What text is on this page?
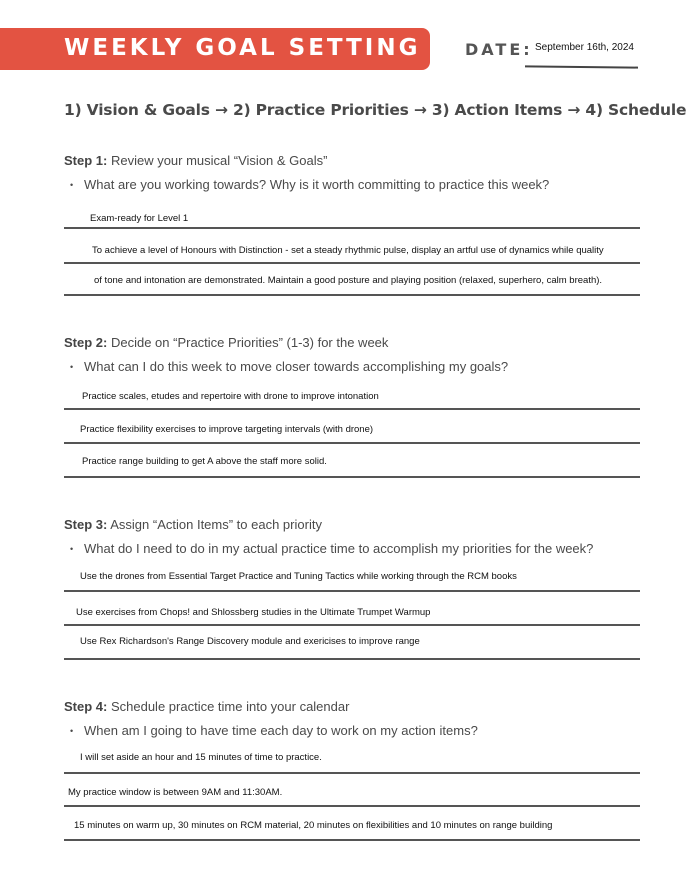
WEEKLY GOAL SETTING	DATE: September 16th, 2024
1) Vision & Goals → 2) Practice Priorities → 3) Action Items → 4) Schedule
Step 1: Review your musical “Vision & Goals”
• What are you working towards? Why is it worth committing to practice this week?
Exam-ready for Level 1
To achieve a level of Honours with Distinction - set a steady rhythmic pulse, display an artful use of dynamics while quality
of tone and intonation are demonstrated. Maintain a good posture and playing position (relaxed, superhero, calm breath).
Step 2: Decide on “Practice Priorities” (1-3) for the week
• What can I do this week to move closer towards accomplishing my goals?
Practice scales, etudes and repertoire with drone to improve intonation
Practice flexibility exercises to improve targeting intervals (with drone)
Practice range building to get A above the staff more solid.
Step 3: Assign “Action Items” to each priority
• What do I need to do in my actual practice time to accomplish my priorities for the week?
Use the drones from Essential Target Practice and Tuning Tactics while working through the RCM books
Use exercises from Chops! and Shlossberg studies in the Ultimate Trumpet Warmup
Use Rex Richardson's Range Discovery module and exericises to improve range
Step 4: Schedule practice time into your calendar
• When am I going to have time each day to work on my action items?
I will set aside an hour and 15 minutes of time to practice.
My practice window is between 9AM and 11:30AM.
15 minutes on warm up, 30 minutes on RCM material, 20 minutes on flexibilities and 10 minutes on range building
